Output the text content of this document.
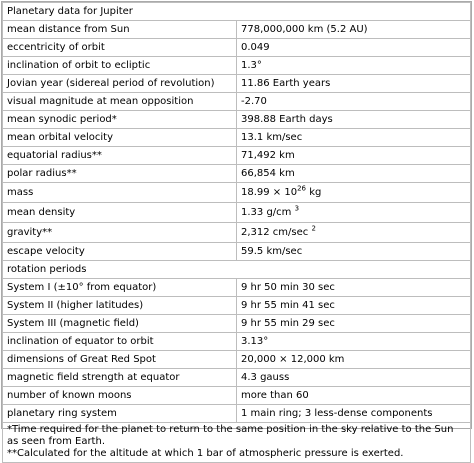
Planetary data for Jupiter	
mean distance from Sun	778,000,000 km (5.2 AU)
eccentricity of orbit	0.049
inclination of orbit to ecliptic	1.3°
Jovian year (sidereal period of revolution)	11.86 Earth years
visual magnitude at mean opposition	-2.70
mean synodic period*	398.88 Earth days
mean orbital velocity	13.1 km/sec
equatorial radius**	71,492 km
polar radius**	66,854 km
mass	$18.99 \times 10^{26}$ kg
mean density	1.33 g/cm $^3$
gravity**	2,312 cm/sec $^2$
escape velocity	59.5 km/sec
rotation periods	
System I (±10° from equator)	9 hr 50 min 30 sec
System II (higher latitudes)	9 hr 55 min 41 sec
System III (magnetic field)	9 hr 55 min 29 sec
inclination of equator to orbit	3.13°
dimensions of Great Red Spot	20,000 × 12,000 km
magnetic field strength at equator	4.3 gauss
number of known moons	more than 60
planetary ring system	1 main ring; 3 less-dense components

*Time required for the planet to return to the same position in the sky relative to the Sun as seen from Earth.
**Calculated for the altitude at which 1 bar of atmospheric pressure is exerted.	
